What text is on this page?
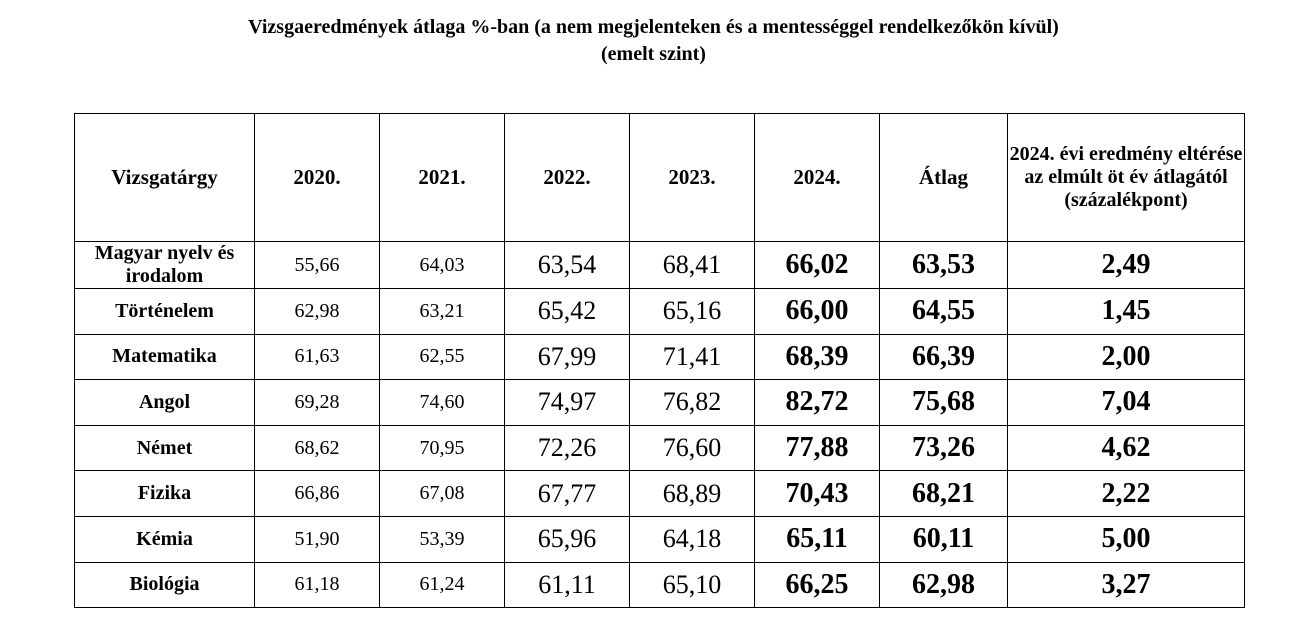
Vizsgaeredmények átlaga %-ban (a nem megjelenteken és a mentességgel rendelkezőkön kívül)
(emelt szint)
Vizsgatárgy	2020.	2021.	2022.	2023.	2024.	Átlag	2024. évi eredmény eltérése az elmúlt öt év átlagától (százalékpont)
Magyar nyelv és irodalom	55,66	64,03	63,54	68,41	66,02	63,53	2,49
Történelem	62,98	63,21	65,42	65,16	66,00	64,55	1,45
Matematika	61,63	62,55	67,99	71,41	68,39	66,39	2,00
Angol	69,28	74,60	74,97	76,82	82,72	75,68	7,04
Német	68,62	70,95	72,26	76,60	77,88	73,26	4,62
Fizika	66,86	67,08	67,77	68,89	70,43	68,21	2,22
Kémia	51,90	53,39	65,96	64,18	65,11	60,11	5,00
Biológia	61,18	61,24	61,11	65,10	66,25	62,98	3,27
